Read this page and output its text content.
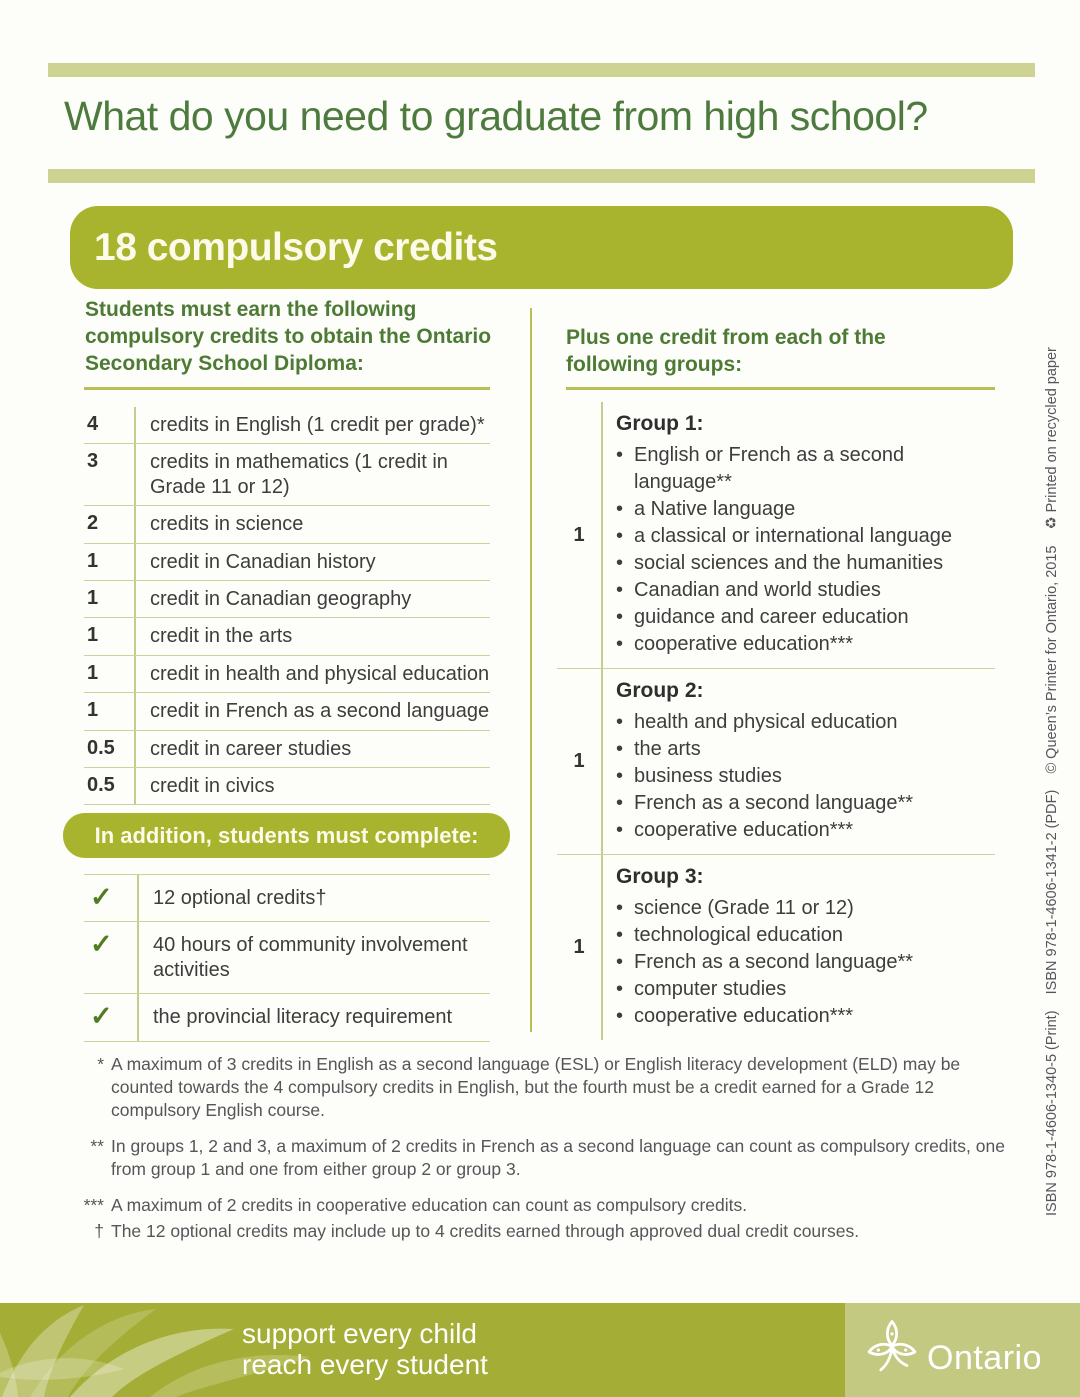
What do you need to graduate from high school?
18 compulsory credits
Students must earn the following compulsory credits to obtain the Ontario Secondary School Diploma:
4	credits in English (1 credit per grade)*
3	credits in mathematics (1 credit in Grade 11 or 12)
2	credits in science
1	credit in Canadian history
1	credit in Canadian geography
1	credit in the arts
1	credit in health and physical education
1	credit in French as a second language
0.5	credit in career studies
0.5	credit in civics
In addition, students must complete:
✓	12 optional credits†
✓	40 hours of community involvement activities
✓	the provincial literacy requirement
Plus one credit from each of the following groups:
1
Group 1:
• English or French as a second language**
• a Native language
• a classical or international language
• social sciences and the humanities
• Canadian and world studies
• guidance and career education
• cooperative education***
1
Group 2:
• health and physical education
• the arts
• business studies
• French as a second language**
• cooperative education***
1
Group 3:
• science (Grade 11 or 12)
• technological education
• French as a second language**
• computer studies
• cooperative education***
* A maximum of 3 credits in English as a second language (ESL) or English literacy development (ELD) may be counted towards the 4 compulsory credits in English, but the fourth must be a credit earned for a Grade 12 compulsory English course.
** In groups 1, 2 and 3, a maximum of 2 credits in French as a second language can count as compulsory credits, one from group 1 and one from either group 2 or group 3.
*** A maximum of 2 credits in cooperative education can count as compulsory credits.
† The 12 optional credits may include up to 4 credits earned through approved dual credit courses.
ISBN 978-1-4606-1340-5 (Print)    ISBN 978-1-4606-1341-2 (PDF)    © Queen’s Printer for Ontario, 2015    ♻ Printed on recycled paper
support every child
reach every student	Ontario
